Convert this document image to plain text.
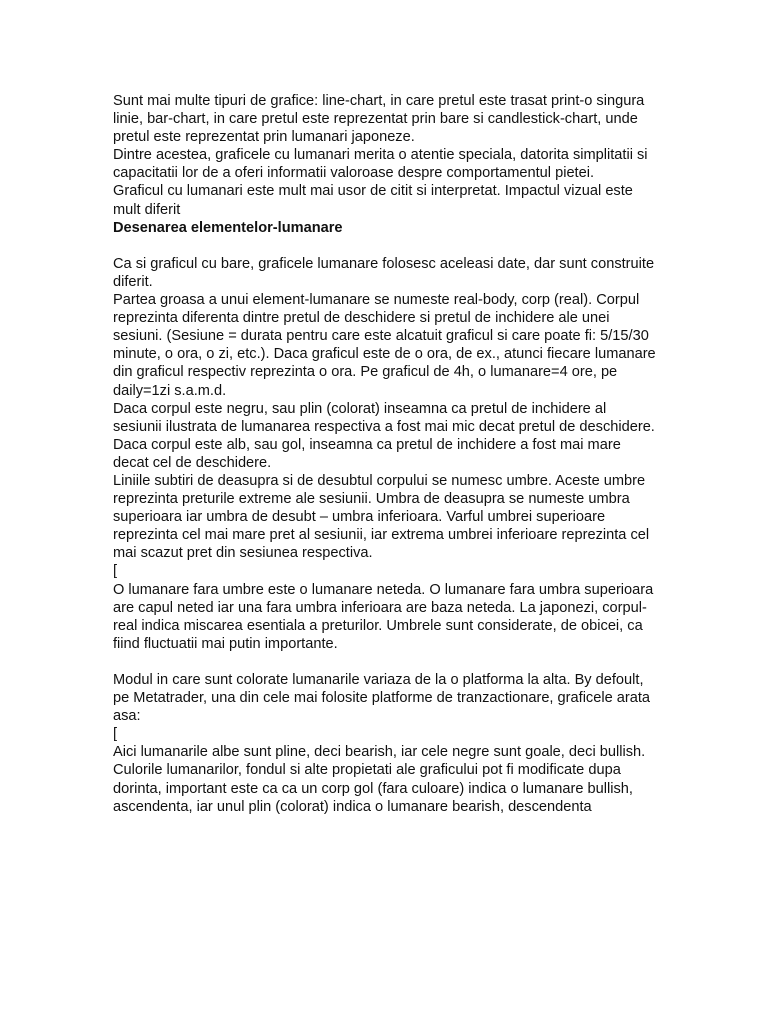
Sunt mai multe tipuri de grafice: line-chart, in care pretul este trasat print-o singura linie, bar-chart, in care pretul este reprezentat prin bare si candlestick-chart, unde pretul este reprezentat prin lumanari japoneze.

Dintre acestea, graficele cu lumanari merita o atentie speciala, datorita simplitatii si capacitatii lor de a oferi informatii valoroase despre comportamentul pietei.

Graficul cu lumanari este mult mai usor de citit si interpretat. Impactul vizual este mult diferit

Desenarea elementelor-lumanare

Ca si graficul cu bare, graficele lumanare folosesc aceleasi date, dar sunt construite diferit.

Partea groasa a unui element-lumanare se numeste real-body, corp (real). Corpul reprezinta diferenta dintre pretul de deschidere si pretul de inchidere ale unei sesiuni. (Sesiune = durata pentru care este alcatuit graficul si care poate fi: 5/15/30 minute, o ora, o zi, etc.). Daca graficul este de o ora, de ex., atunci fiecare lumanare din graficul respectiv reprezinta o ora. Pe graficul de 4h, o lumanare=4 ore, pe daily=1zi s.a.m.d.

Daca corpul este negru, sau plin (colorat) inseamna ca pretul de inchidere al sesiunii ilustrata de lumanarea respectiva a fost mai mic decat pretul de deschidere. Daca corpul este alb, sau gol, inseamna ca pretul de inchidere a fost mai mare decat cel de deschidere.

Liniile subtiri de deasupra si de desubtul corpului se numesc umbre. Aceste umbre reprezinta preturile extreme ale sesiunii. Umbra de deasupra se numeste umbra superioara iar umbra de desubt – umbra inferioara. Varful umbrei superioare reprezinta cel mai mare pret al sesiunii, iar extrema umbrei inferioare reprezinta cel mai scazut pret din sesiunea respectiva.

[

O lumanare fara umbre este o lumanare neteda. O lumanare fara umbra superioara are capul neted iar una fara umbra inferioara are baza neteda. La japonezi, corpul-real indica miscarea esentiala a preturilor. Umbrele sunt considerate, de obicei, ca fiind fluctuatii mai putin importante.

Modul in care sunt colorate lumanarile variaza de la o platforma la alta. By defoult, pe Metatrader, una din cele mai folosite platforme de tranzactionare, graficele arata asa:

[

Aici lumanarile albe sunt pline, deci bearish, iar cele negre sunt goale, deci bullish. Culorile lumanarilor, fondul si alte propietati ale graficului pot fi modificate dupa dorinta, important este ca ca un corp gol (fara culoare) indica o lumanare bullish, ascendenta, iar unul plin (colorat) indica o lumanare bearish, descendenta
